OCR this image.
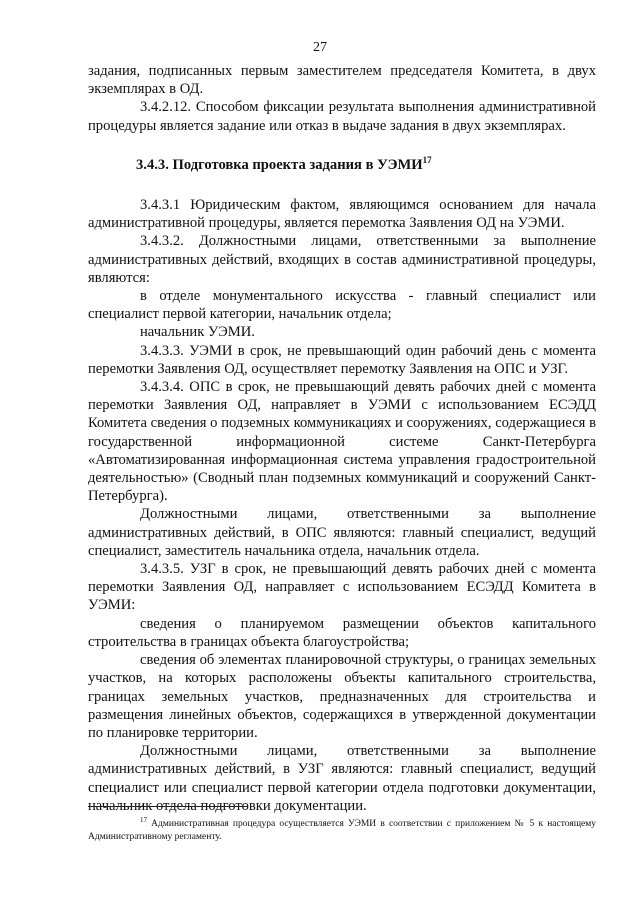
27

задания, подписанных первым заместителем председателя Комитета, в двух экземплярах в ОД.

3.4.2.12. Способом фиксации результата выполнения административной процедуры является задание или отказ в выдаче задания в двух экземплярах.

3.4.3. Подготовка проекта задания в УЭМИ$^{17}$

3.4.3.1 Юридическим фактом, являющимся основанием для начала административной процедуры, является перемотка Заявления ОД на УЭМИ.

3.4.3.2. Должностными лицами, ответственными за выполнение административных действий, входящих в состав административной процедуры, являются:

в отделе монументального искусства - главный специалист или специалист первой категории, начальник отдела;

начальник УЭМИ.

3.4.3.3. УЭМИ в срок, не превышающий один рабочий день с момента перемотки Заявления ОД, осуществляет перемотку Заявления на ОПС и УЗГ.

3.4.3.4. ОПС в срок, не превышающий девять рабочих дней с момента перемотки Заявления ОД, направляет в УЭМИ с использованием ЕСЭДД Комитета сведения о подземных коммуникациях и сооружениях, содержащиеся в государственной информационной системе Санкт-Петербурга «Автоматизированная информационная система управления градостроительной деятельностью» (Сводный план подземных коммуникаций и сооружений Санкт-Петербурга).

Должностными лицами, ответственными за выполнение административных действий, в ОПС являются: главный специалист, ведущий специалист, заместитель начальника отдела, начальник отдела.

3.4.3.5. УЗГ в срок, не превышающий девять рабочих дней с момента перемотки Заявления ОД, направляет с использованием ЕСЭДД Комитета в УЭМИ:

сведения о планируемом размещении объектов капитального строительства в границах объекта благоустройства;

сведения об элементах планировочной структуры, о границах земельных участков, на которых расположены объекты капитального строительства, границах земельных участков, предназначенных для строительства и размещения линейных объектов, содержащихся в утвержденной документации по планировке территории.

Должностными лицами, ответственными за выполнение административных действий, в УЗГ являются: главный специалист, ведущий специалист или специалист первой категории отдела подготовки документации, начальник отдела подготовки документации.

$^{17}$ Административная процедура осуществляется УЭМИ в соответствии с приложением № 5 к настоящему Административному регламенту.
